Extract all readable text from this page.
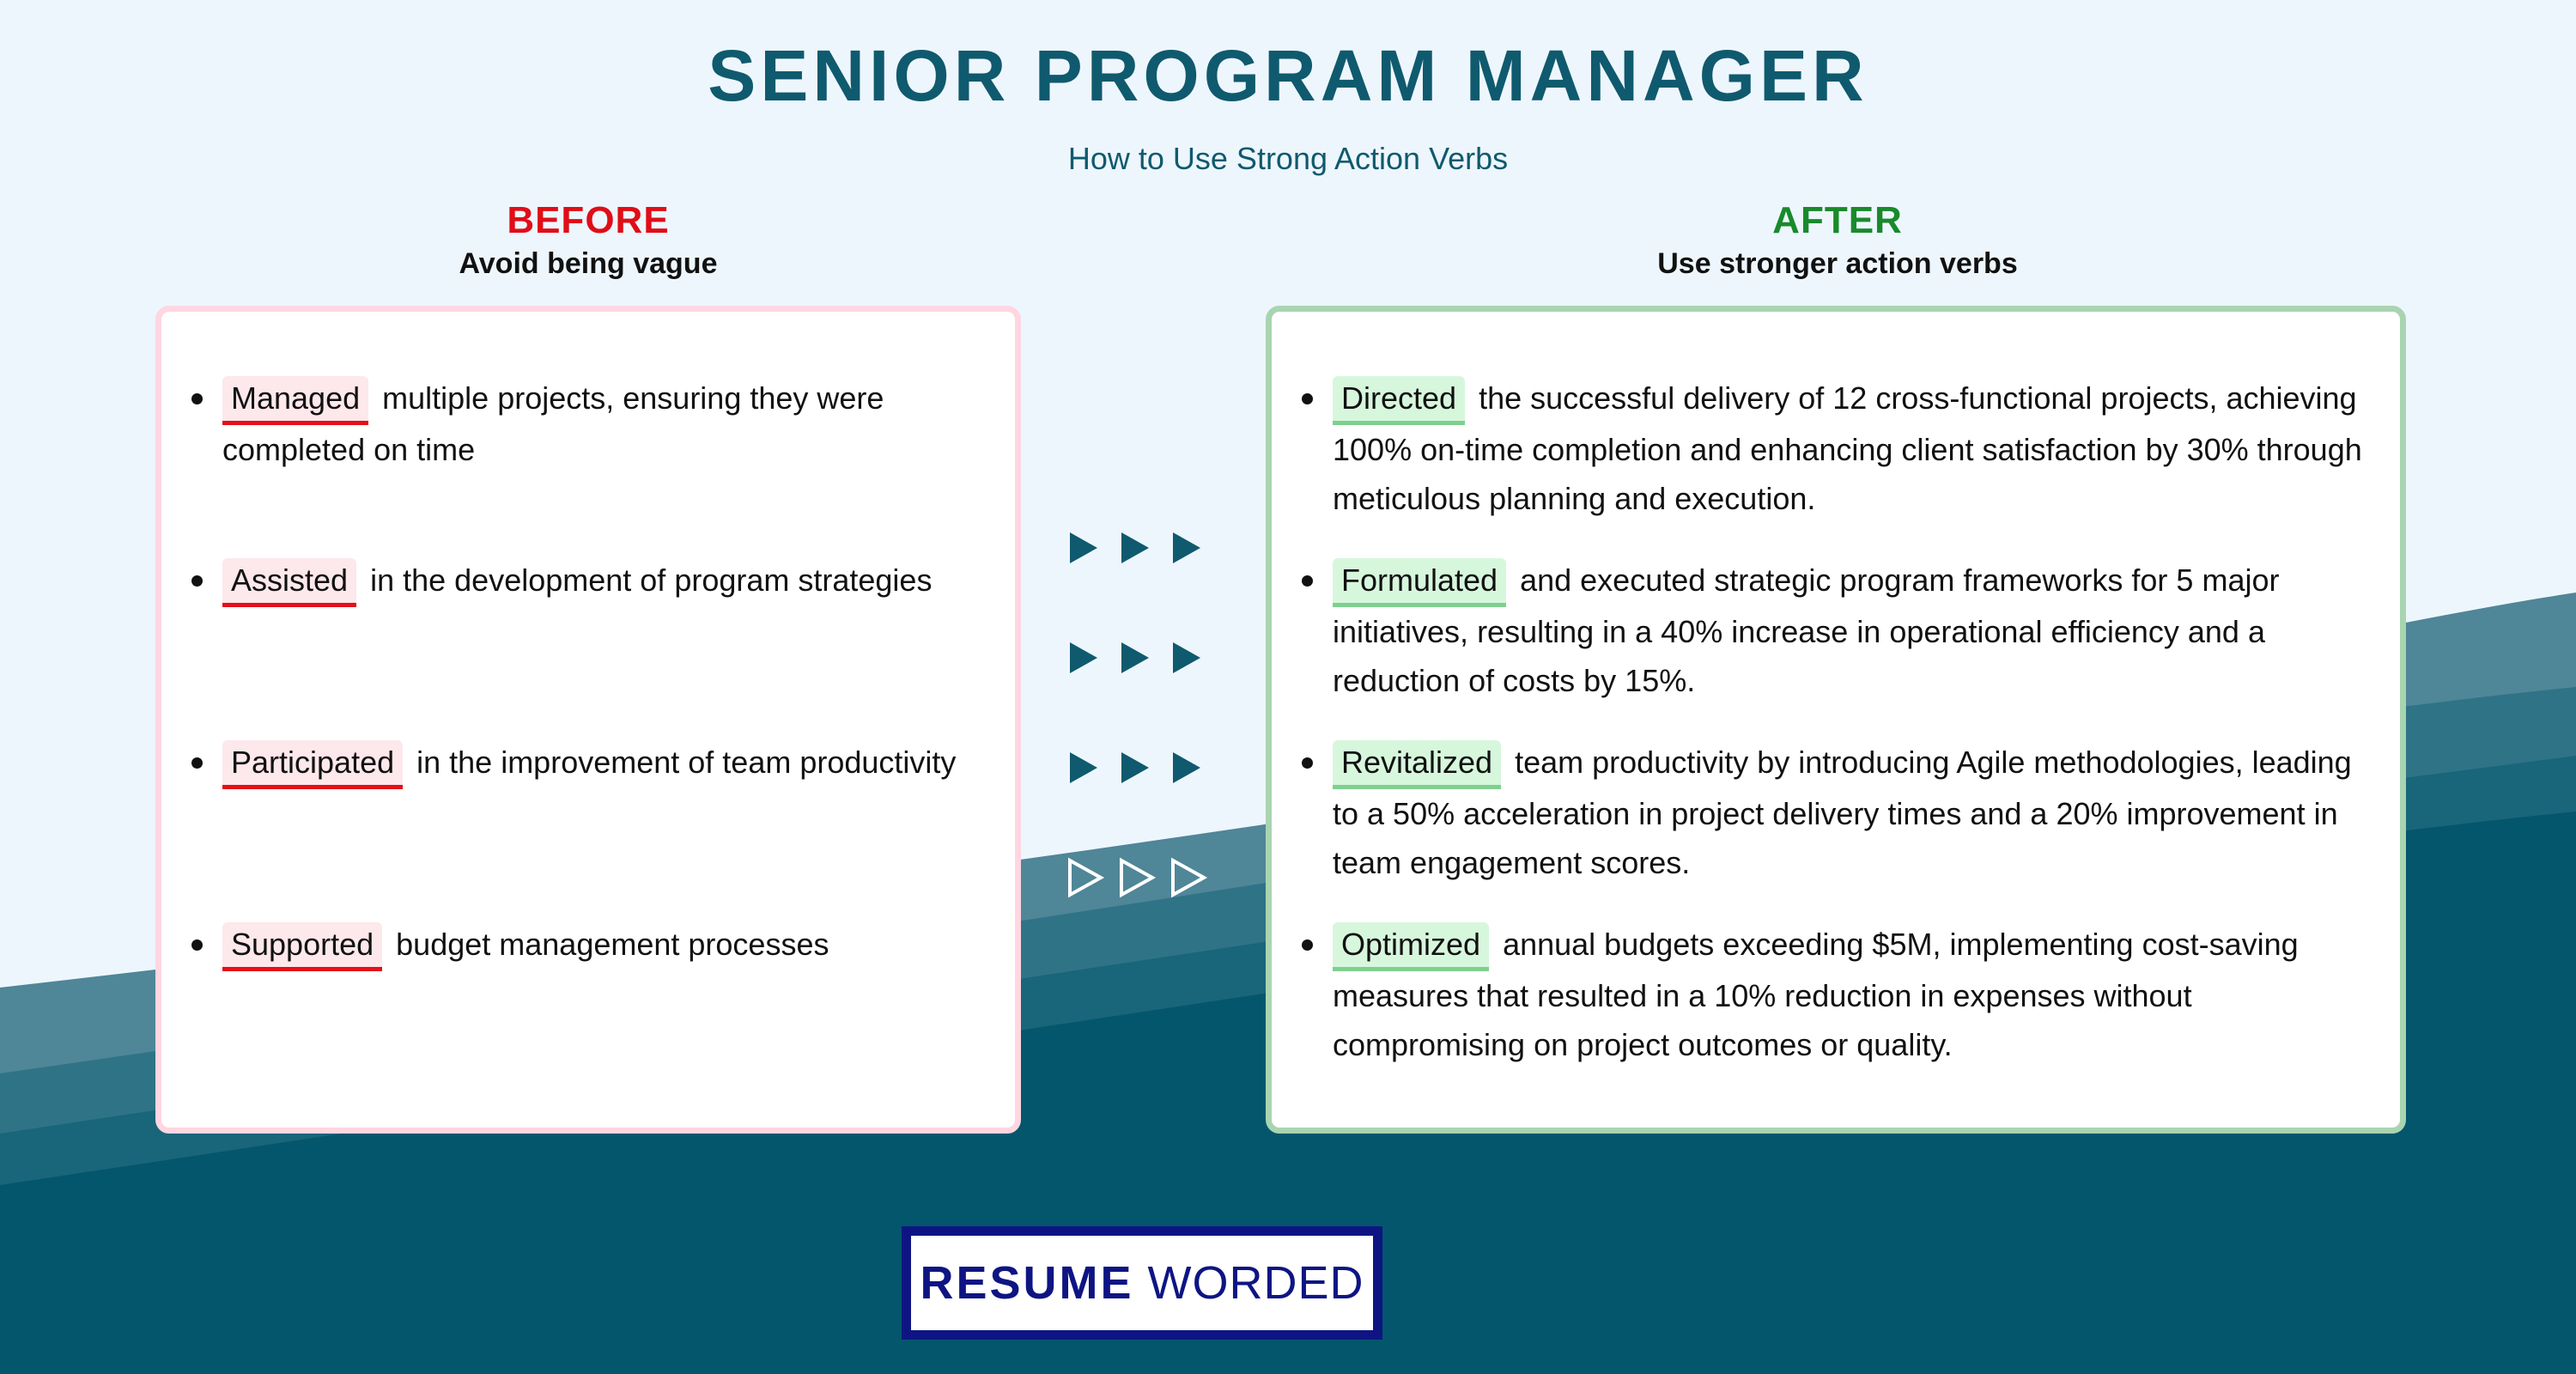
SENIOR PROGRAM MANAGER
How to Use Strong Action Verbs
BEFORE
Avoid being vague
AFTER
Use stronger action verbs
Managed multiple projects, ensuring they were completed on time
Assisted in the development of program strategies
Participated in the improvement of team productivity
Supported budget management processes
Directed the successful delivery of 12 cross-functional projects, achieving 100% on-time completion and enhancing client satisfaction by 30% through meticulous planning and execution.
Formulated and executed strategic program frameworks for 5 major initiatives, resulting in a 40% increase in operational efficiency and a reduction of costs by 15%.
Revitalized team productivity by introducing Agile methodologies, leading to a 50% acceleration in project delivery times and a 20% improvement in team engagement scores.
Optimized annual budgets exceeding $5M, implementing cost-saving measures that resulted in a 10% reduction in expenses without compromising on project outcomes or quality.
RESUME WORDED
